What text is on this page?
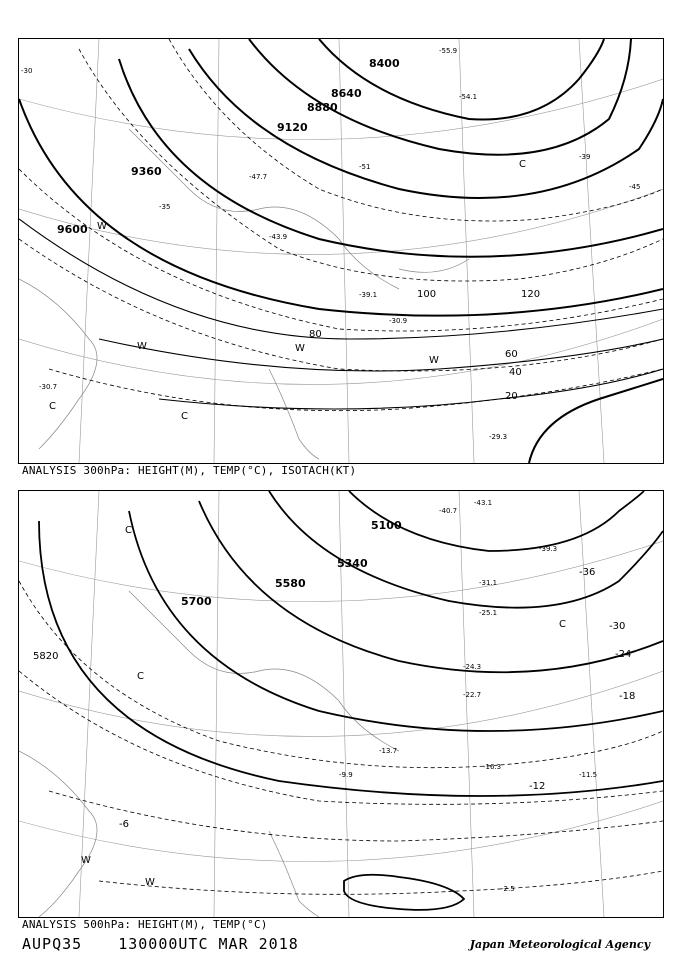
8400
8640
8880
9120
9360
9600
20
40
60
80
100	120
-30
-35
-39
-45
-51
-54.1
-55.9
-47.7
-43.9
-30.7
-29.3
-30.9
-39.1
W
W	W
W
C
C
C
ANALYSIS 300hPa: HEIGHT(M), TEMP(°C), ISOTACH(KT)
5100
5340
5580
5700
5820
-36
-30
-24
-18
-12
-6
-40.7
-43.1
-39.3
-31.1
-25.1
-24.3
-22.7
-16.3
-11.5
-13.7
-9.9
-2.5
W
W
C
C
C
ANALYSIS 500hPa: HEIGHT(M), TEMP(°C)
AUPQ35 130000UTC MAR 2018	Japan Meteorological Agency
